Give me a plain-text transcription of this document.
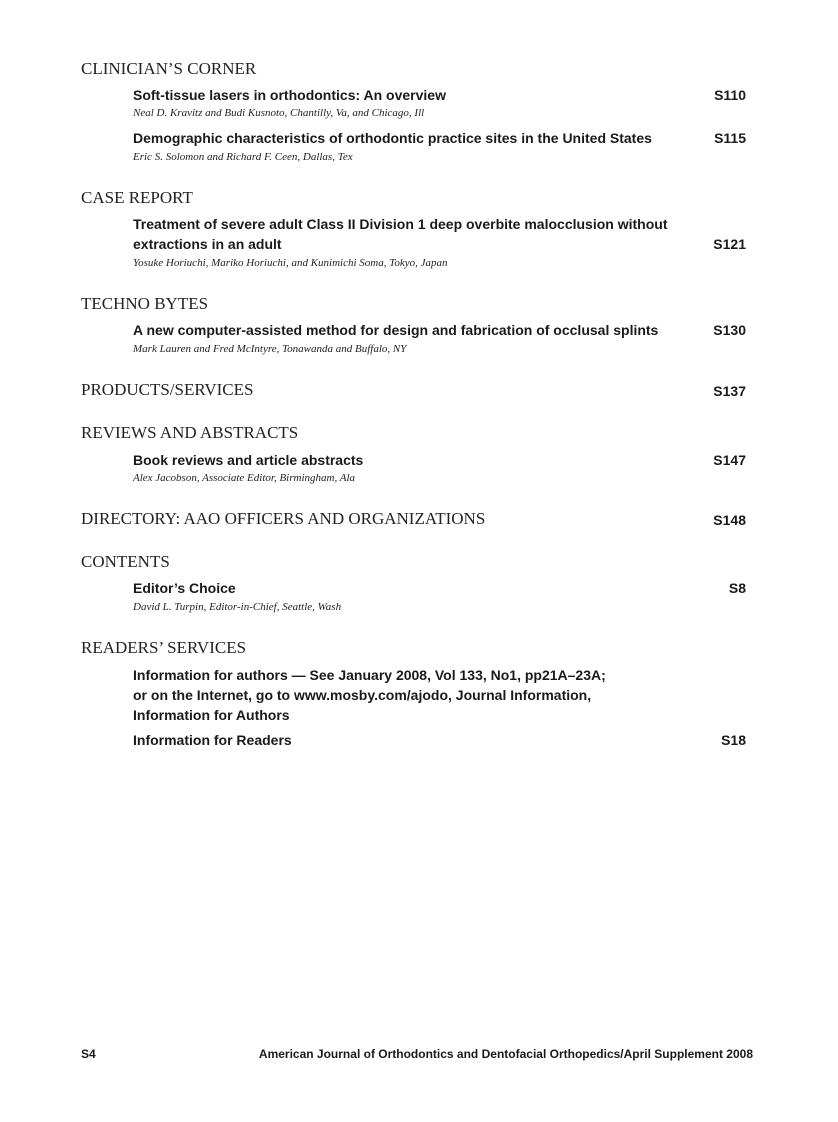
CLINICIAN’S CORNER
Soft-tissue lasers in orthodontics: An overview	S110
Neal D. Kravitz and Budi Kusnoto, Chantilly, Va, and Chicago, Ill
Demographic characteristics of orthodontic practice sites in the United States	S115
Eric S. Solomon and Richard F. Ceen, Dallas, Tex
CASE REPORT
Treatment of severe adult Class II Division 1 deep overbite malocclusion without
extractions in an adult	S121
Yosuke Horiuchi, Mariko Horiuchi, and Kunimichi Soma, Tokyo, Japan
TECHNO BYTES
A new computer-assisted method for design and fabrication of occlusal splints	S130
Mark Lauren and Fred McIntyre, Tonawanda and Buffalo, NY
PRODUCTS/SERVICES	S137
REVIEWS AND ABSTRACTS
Book reviews and article abstracts	S147
Alex Jacobson, Associate Editor, Birmingham, Ala
DIRECTORY: AAO OFFICERS AND ORGANIZATIONS	S148
CONTENTS
Editor’s Choice	S8
David L. Turpin, Editor-in-Chief, Seattle, Wash
READERS’ SERVICES
Information for authors — See January 2008, Vol 133, No1, pp21A–23A;
or on the Internet, go to www.mosby.com/ajodo, Journal Information,
Information for Authors
Information for Readers	S18
S4	American Journal of Orthodontics and Dentofacial Orthopedics/April Supplement 2008
